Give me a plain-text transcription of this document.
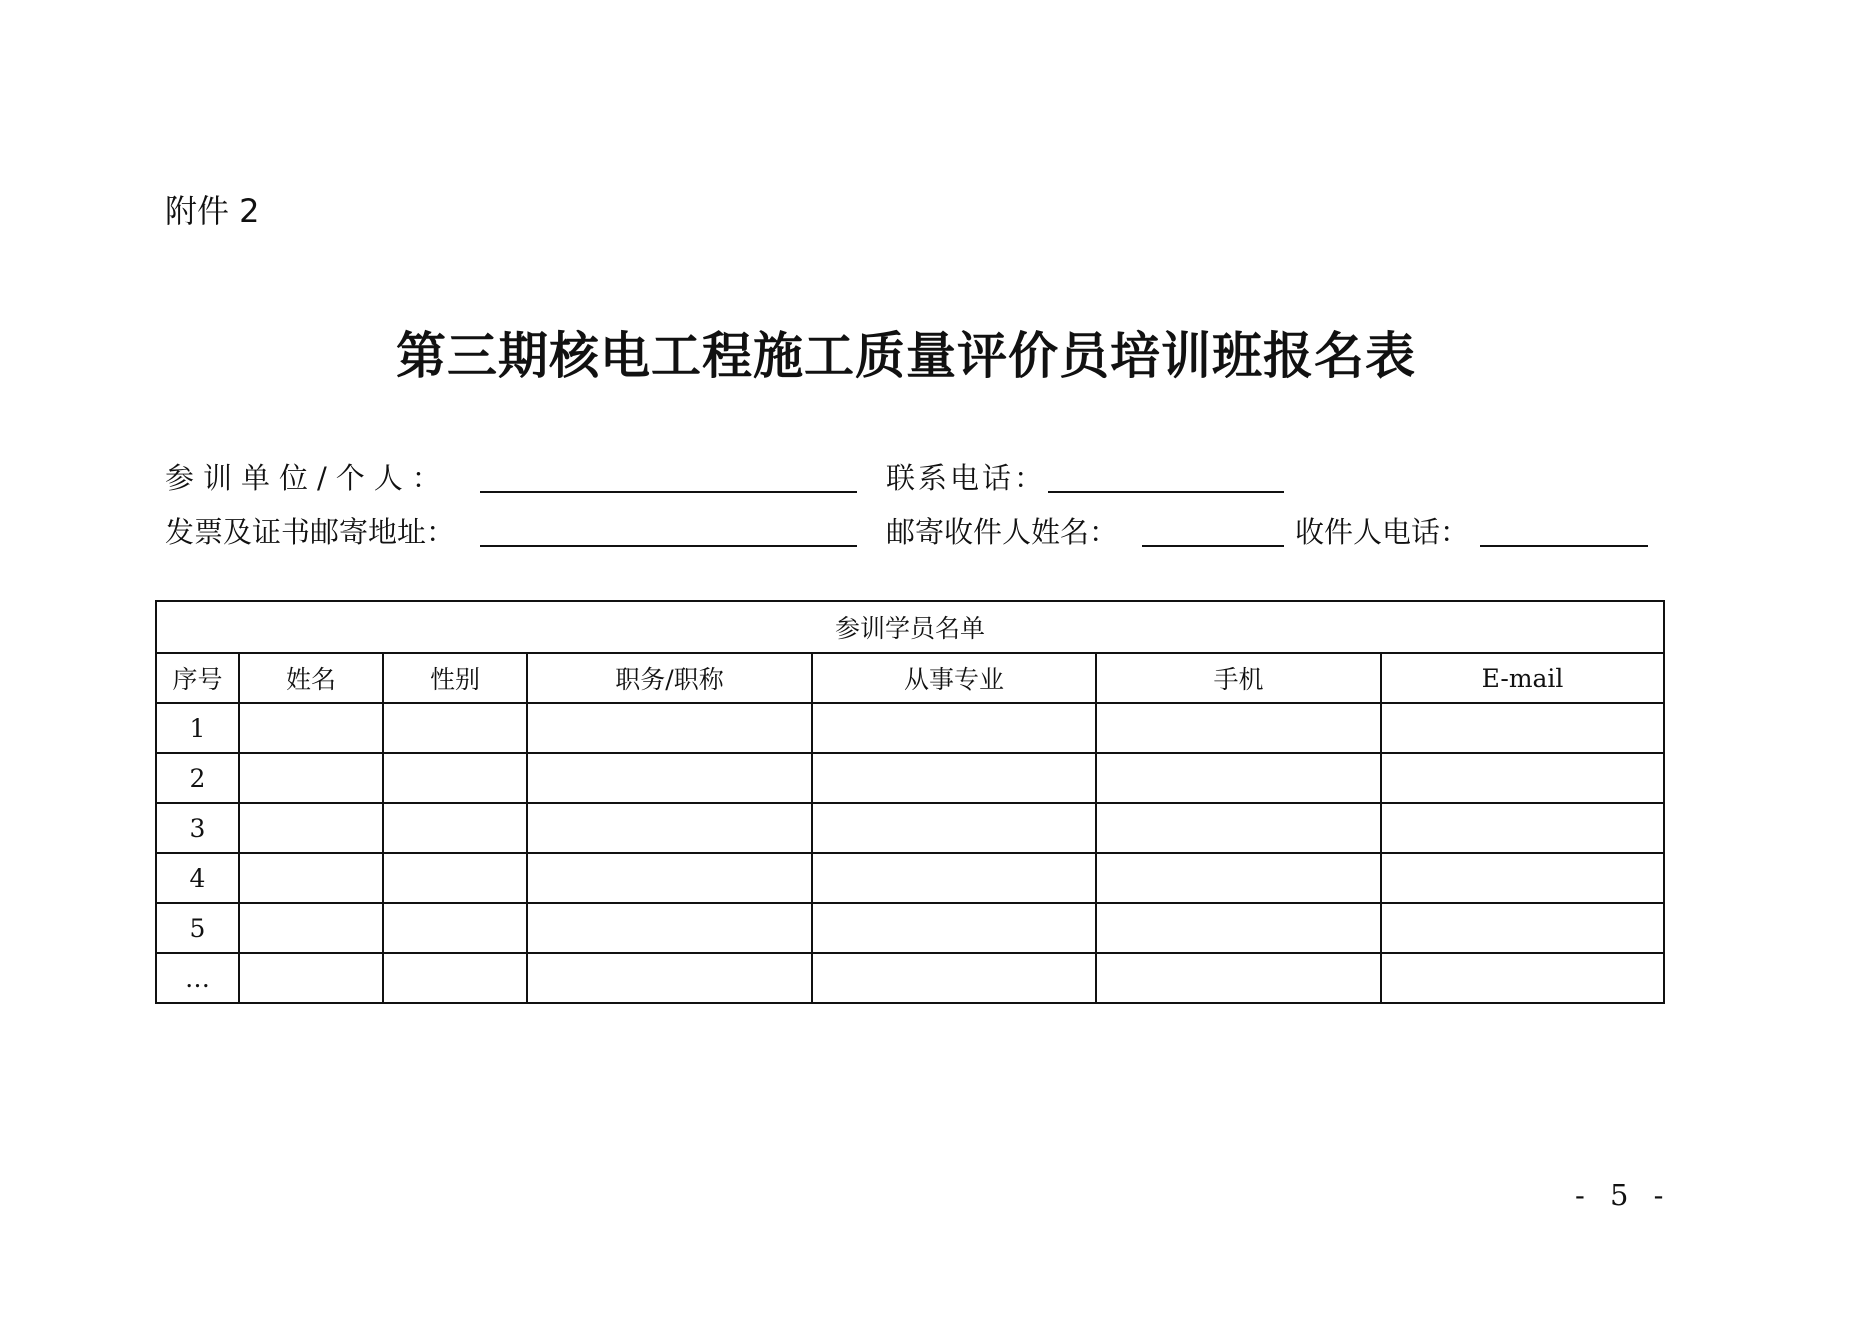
附件 2
第三期核电工程施工质量评价员培训班报名表
参训单位/个人：	联系电话：
发票及证书邮寄地址：	邮寄收件人姓名：	收件人电话：
参训学员名单						
序号	姓名	性别	职务/职称	从事专业	手机	E-mail
1						
2						
3						
4						
5						
…						
- 5 -
